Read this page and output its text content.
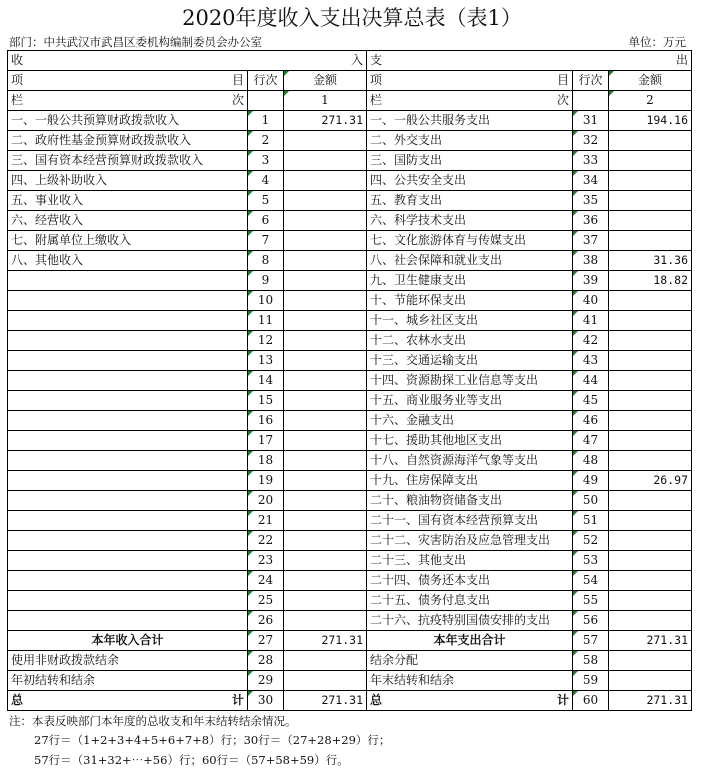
2020年度收入支出决算总表（表1）
部门：中共武汉市武昌区委机构编制委员会办公室	单位：万元
收 入			支 出		

项 目	行次	金额	项 目	行次	金额

栏 次		1	栏 次		2
一、一般公共预算财政拨款收入	1	271.31	一、一般公共服务支出	31	194.16
二、政府性基金预算财政拨款收入	2		二、外交支出	32	
三、国有资本经营预算财政拨款收入	3		三、国防支出	33	
四、上级补助收入	4		四、公共安全支出	34	
五、事业收入	5		五、教育支出	35	
六、经营收入	6		六、科学技术支出	36	
七、附属单位上缴收入	7		七、文化旅游体育与传媒支出	37	
八、其他收入	8		八、社会保障和就业支出	38	31.36
	9		九、卫生健康支出	39	18.82
	10		十、节能环保支出	40	
	11		十一、城乡社区支出	41	
	12		十二、农林水支出	42	
	13		十三、交通运输支出	43	
	14		十四、资源勘探工业信息等支出	44	
	15		十五、商业服务业等支出	45	
	16		十六、金融支出	46	
	17		十七、援助其他地区支出	47	
	18		十八、自然资源海洋气象等支出	48	
	19		十九、住房保障支出	49	26.97
	20		二十、粮油物资储备支出	50	
	21		二十一、国有资本经营预算支出	51	
	22		二十二、灾害防治及应急管理支出	52	
	23		二十三、其他支出	53	
	24		二十四、债务还本支出	54	
	25		二十五、债务付息支出	55	
	26		二十六、抗疫特别国债安排的支出	56	
本年收入合计	27	271.31	本年支出合计	57	271.31
使用非财政拨款结余	28		结余分配	58	
年初结转和结余	29		年末结转和结余	59	

总 计	30	271.31	总 计	60	271.31
注：本表反映部门本年度的总收支和年末结转结余情况。
27行＝（1+2+3+4+5+6+7+8）行；30行＝（27+28+29）行；
57行＝（31+32+⋯+56）行；60行＝（57+58+59）行。
